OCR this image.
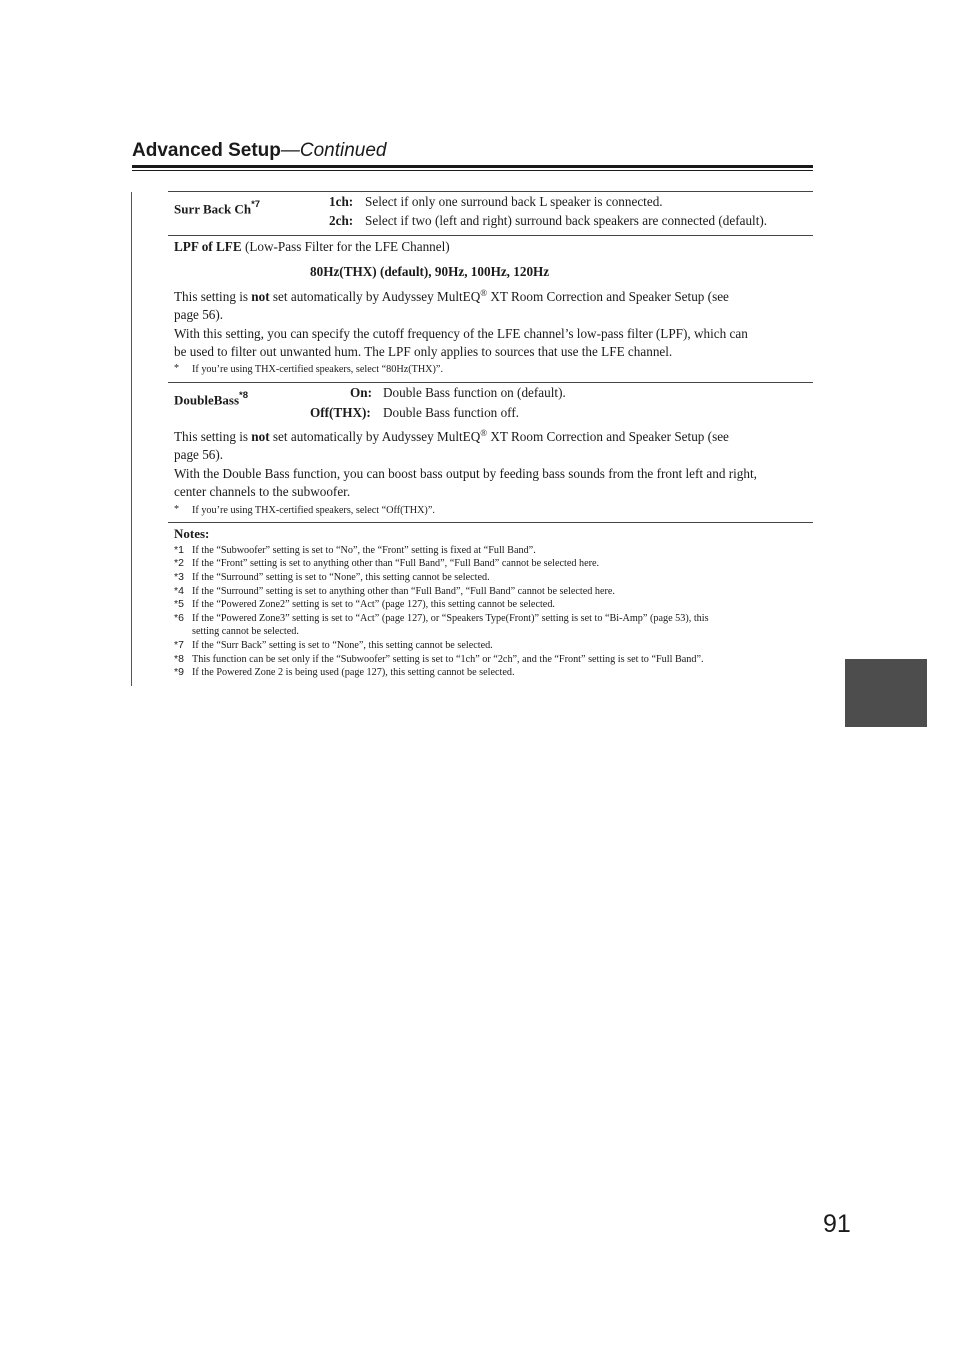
Advanced Setup—Continued
Surr Back Ch$^{*7}$	1ch: Select if only one surround back L speaker is connected.
2ch: Select if two (left and right) surround back speakers are connected (default).
LPF of LFE (Low-Pass Filter for the LFE Channel)
80Hz(THX) (default), 90Hz, 100Hz, 120Hz
This setting is not set automatically by Audyssey MultEQ® XT Room Correction and Speaker Setup (see
page 56).
With this setting, you can specify the cutoff frequency of the LFE channel’s low-pass filter (LPF), which can
be used to filter out unwanted hum. The LPF only applies to sources that use the LFE channel.
* If you’re using THX-certified speakers, select “80Hz(THX)”.
DoubleBass$^{*8}$	On: Double Bass function on (default).
Off(THX): Double Bass function off.
This setting is not set automatically by Audyssey MultEQ® XT Room Correction and Speaker Setup (see
page 56).
With the Double Bass function, you can boost bass output by feeding bass sounds from the front left and right,
center channels to the subwoofer.
* If you’re using THX-certified speakers, select “Off(THX)”.
Notes:
*1 If the “Subwoofer” setting is set to “No”, the “Front” setting is fixed at “Full Band”.
*2 If the “Front” setting is set to anything other than “Full Band”, “Full Band” cannot be selected here.
*3 If the “Surround” setting is set to “None”, this setting cannot be selected.
*4 If the “Surround” setting is set to anything other than “Full Band”, “Full Band” cannot be selected here.
*5 If the “Powered Zone2” setting is set to “Act” (page 127), this setting cannot be selected.
*6 If the “Powered Zone3” setting is set to “Act” (page 127), or “Speakers Type(Front)” setting is set to “Bi-Amp” (page 53), this
setting cannot be selected.
*7 If the “Surr Back” setting is set to “None”, this setting cannot be selected.
*8 This function can be set only if the “Subwoofer” setting is set to “1ch” or “2ch”, and the “Front” setting is set to “Full Band”.
*9 If the Powered Zone 2 is being used (page 127), this setting cannot be selected.
91
